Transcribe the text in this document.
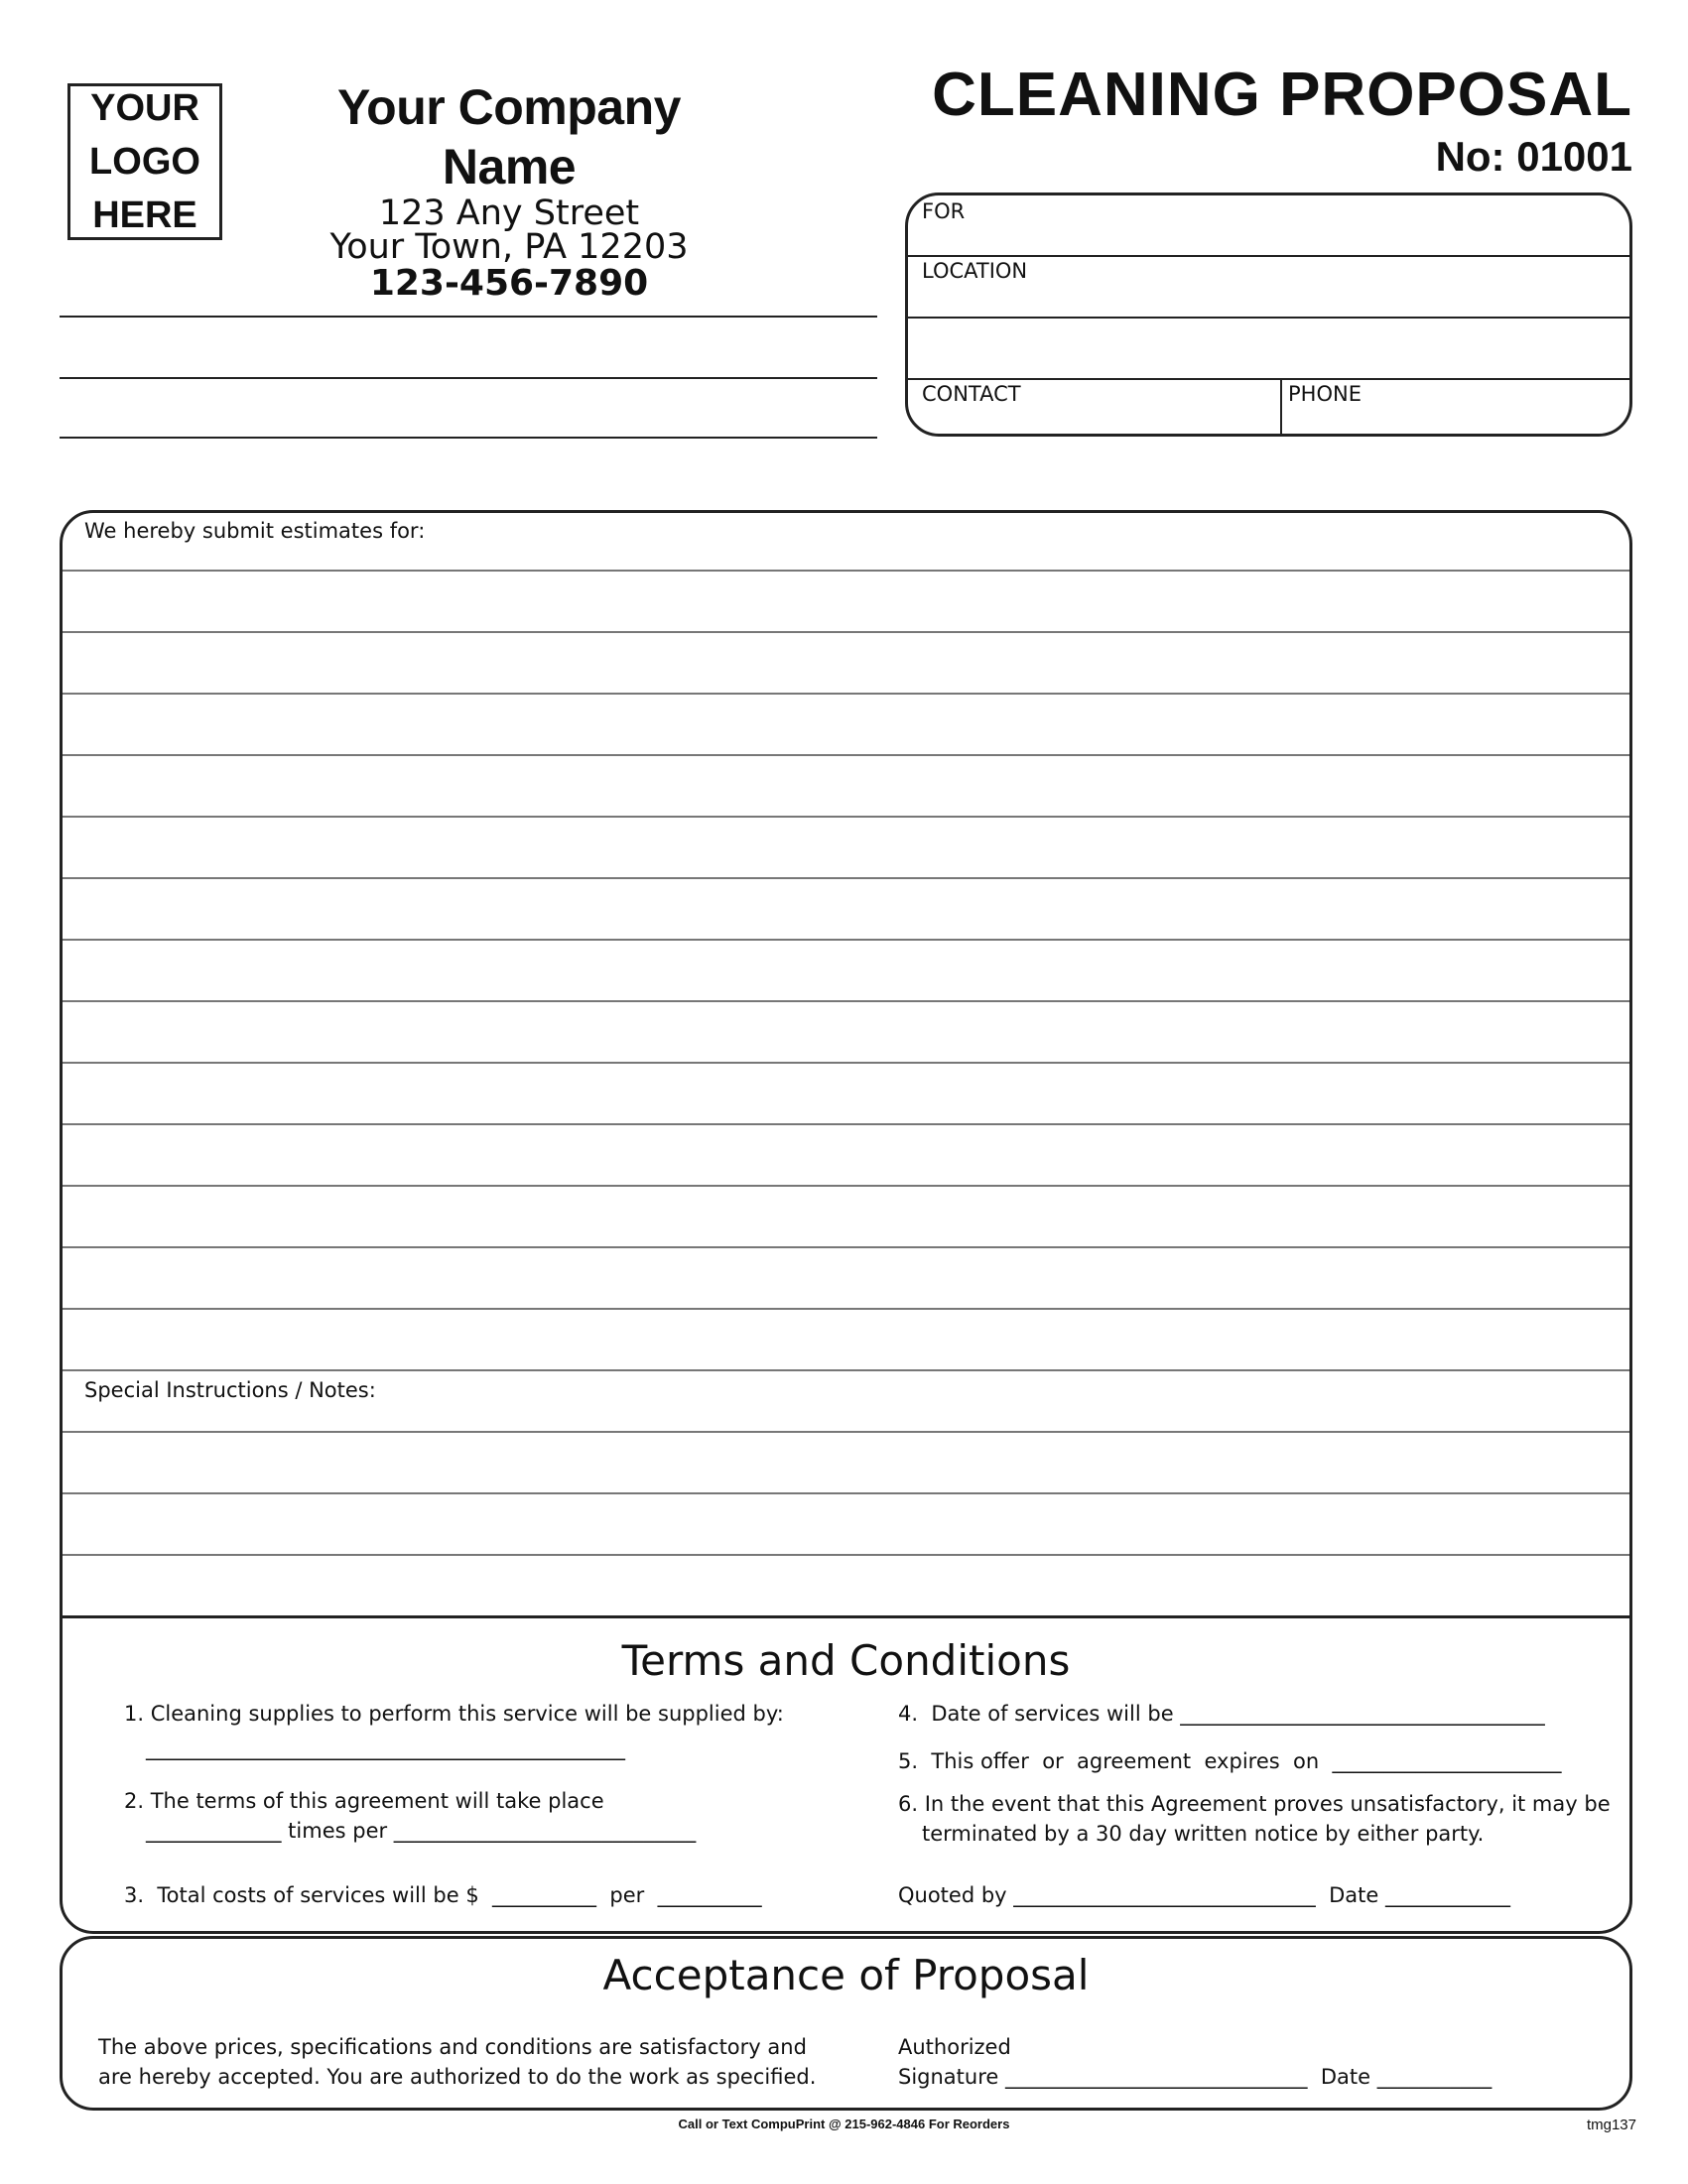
YOUR
LOGO
HERE
Your Company Name
123 Any Street
Your Town, PA 12203
123-456-7890
CLEANING PROPOSAL
No: 01001
FOR
LOCATION
CONTACT	PHONE
We hereby submit estimates for:
Special Instructions / Notes:
Terms and Conditions
1. Cleaning supplies to perform this service will be supplied by:
______________________________________________
2. The terms of this agreement will take place
_____________ times per _____________________________
3.  Total costs of services will be $  __________  per  __________
4.  Date of services will be ___________________________________
5.  This offer  or  agreement  expires  on  ______________________
6. In the event that this Agreement proves unsatisfactory, it may be
terminated by a 30 day written notice by either party.
Quoted by _____________________________  Date ____________
Acceptance of Proposal
The above prices, specifications and conditions are satisfactory and
are hereby accepted. You are authorized to do the work as specified.
Authorized
Signature _____________________________  Date ___________
Call or Text CompuPrint @ 215-962-4846 For Reorders	tmg137
